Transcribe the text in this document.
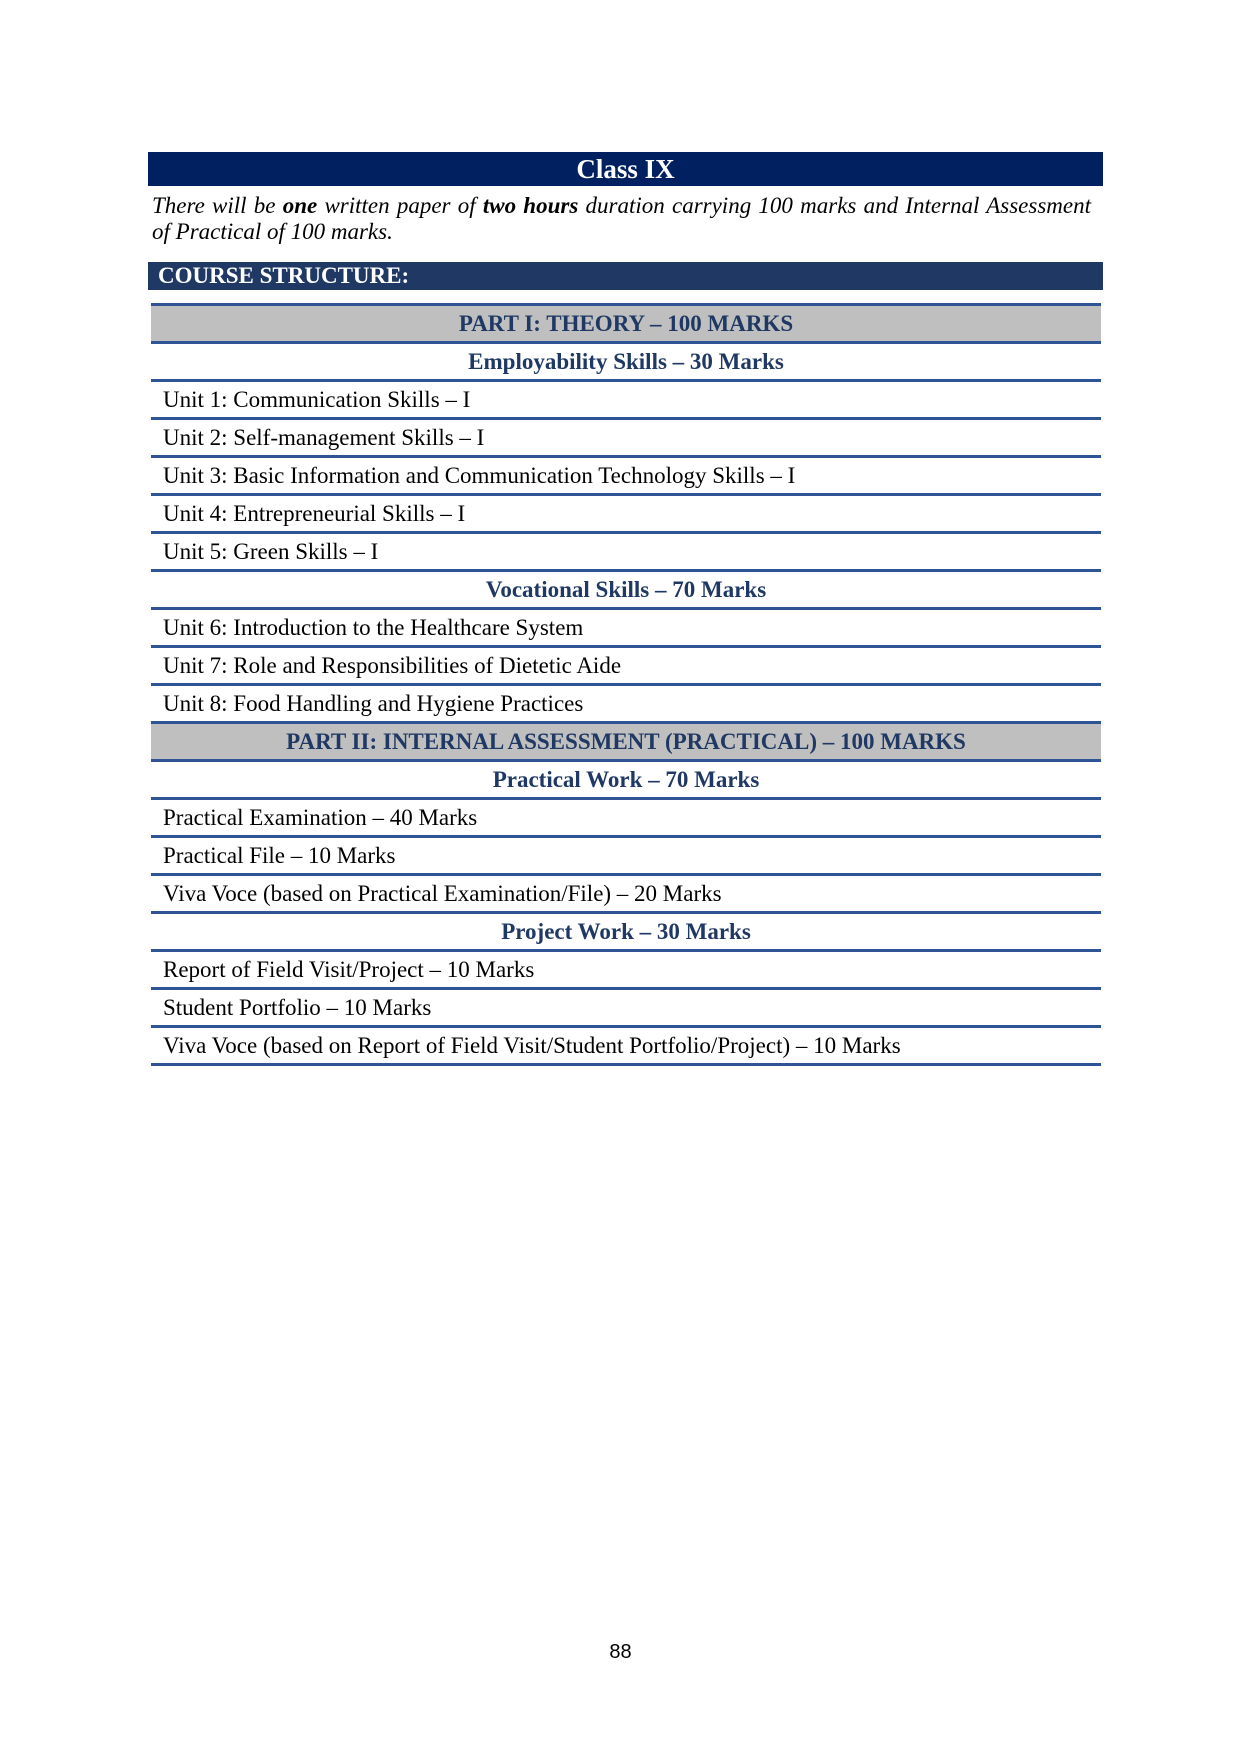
Class IX
There will be one written paper of two hours duration carrying 100 marks and Internal Assessment of Practical of 100 marks.
COURSE STRUCTURE:
PART I: THEORY – 100 MARKS
Employability Skills – 30 Marks
Unit 1: Communication Skills – I
Unit 2: Self-management Skills – I
Unit 3: Basic Information and Communication Technology Skills – I
Unit 4: Entrepreneurial Skills – I
Unit 5: Green Skills – I
Vocational Skills – 70 Marks
Unit 6: Introduction to the Healthcare System
Unit 7: Role and Responsibilities of Dietetic Aide
Unit 8: Food Handling and Hygiene Practices
PART II: INTERNAL ASSESSMENT (PRACTICAL) – 100 MARKS
Practical Work – 70 Marks
Practical Examination – 40 Marks
Practical File – 10 Marks
Viva Voce (based on Practical Examination/File) – 20 Marks
Project Work – 30 Marks
Report of Field Visit/Project – 10 Marks
Student Portfolio – 10 Marks
Viva Voce (based on Report of Field Visit/Student Portfolio/Project) – 10 Marks
88
